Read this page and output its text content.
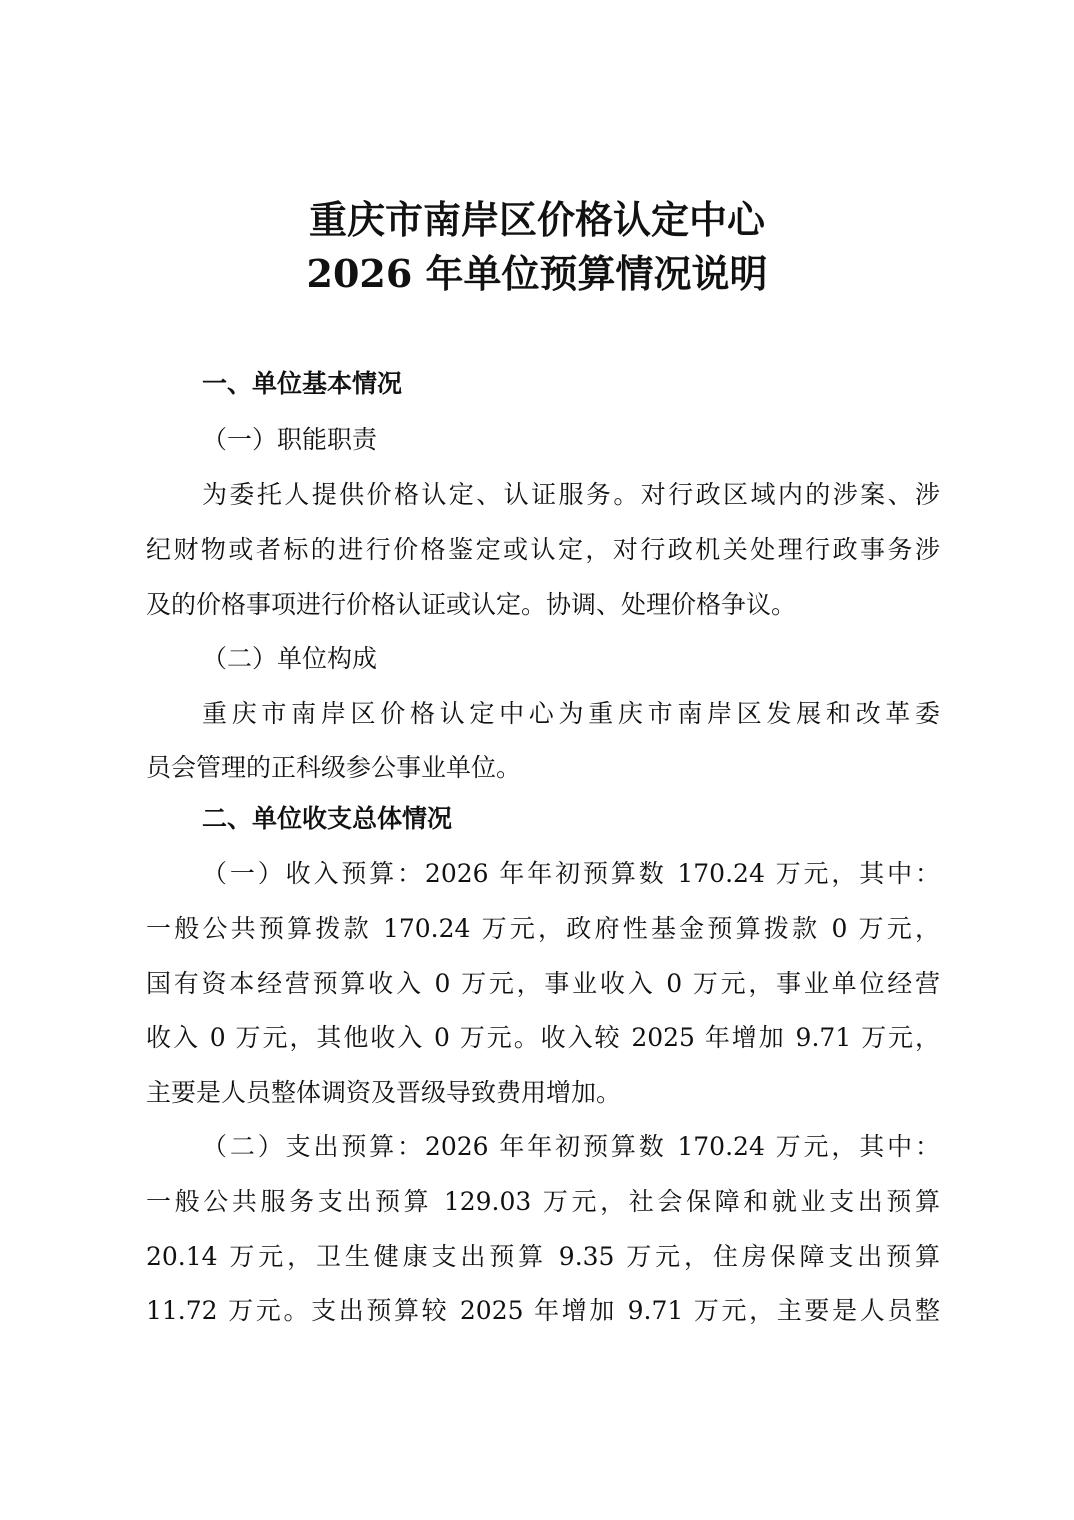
重庆市南岸区价格认定中心
2026 年单位预算情况说明
一、单位基本情况
（一）职能职责
为委托人提供价格认定、认证服务。对行政区域内的涉案、涉
纪财物或者标的进行价格鉴定或认定，对行政机关处理行政事务涉
及的价格事项进行价格认证或认定。协调、处理价格争议。
（二）单位构成
重庆市南岸区价格认定中心为重庆市南岸区发展和改革委
员会管理的正科级参公事业单位。
二、单位收支总体情况
（一）收入预算：2026 年年初预算数 170.24 万元，其中：
一般公共预算拨款 170.24 万元，政府性基金预算拨款 0 万元，
国有资本经营预算收入 0 万元，事业收入 0 万元，事业单位经营
收入 0 万元，其他收入 0 万元。收入较 2025 年增加 9.71 万元，
主要是人员整体调资及晋级导致费用增加。
（二）支出预算：2026 年年初预算数 170.24 万元，其中：
一般公共服务支出预算 129.03 万元，社会保障和就业支出预算
20.14 万元，卫生健康支出预算 9.35 万元，住房保障支出预算
11.72 万元。支出预算较 2025 年增加 9.71 万元，主要是人员整
